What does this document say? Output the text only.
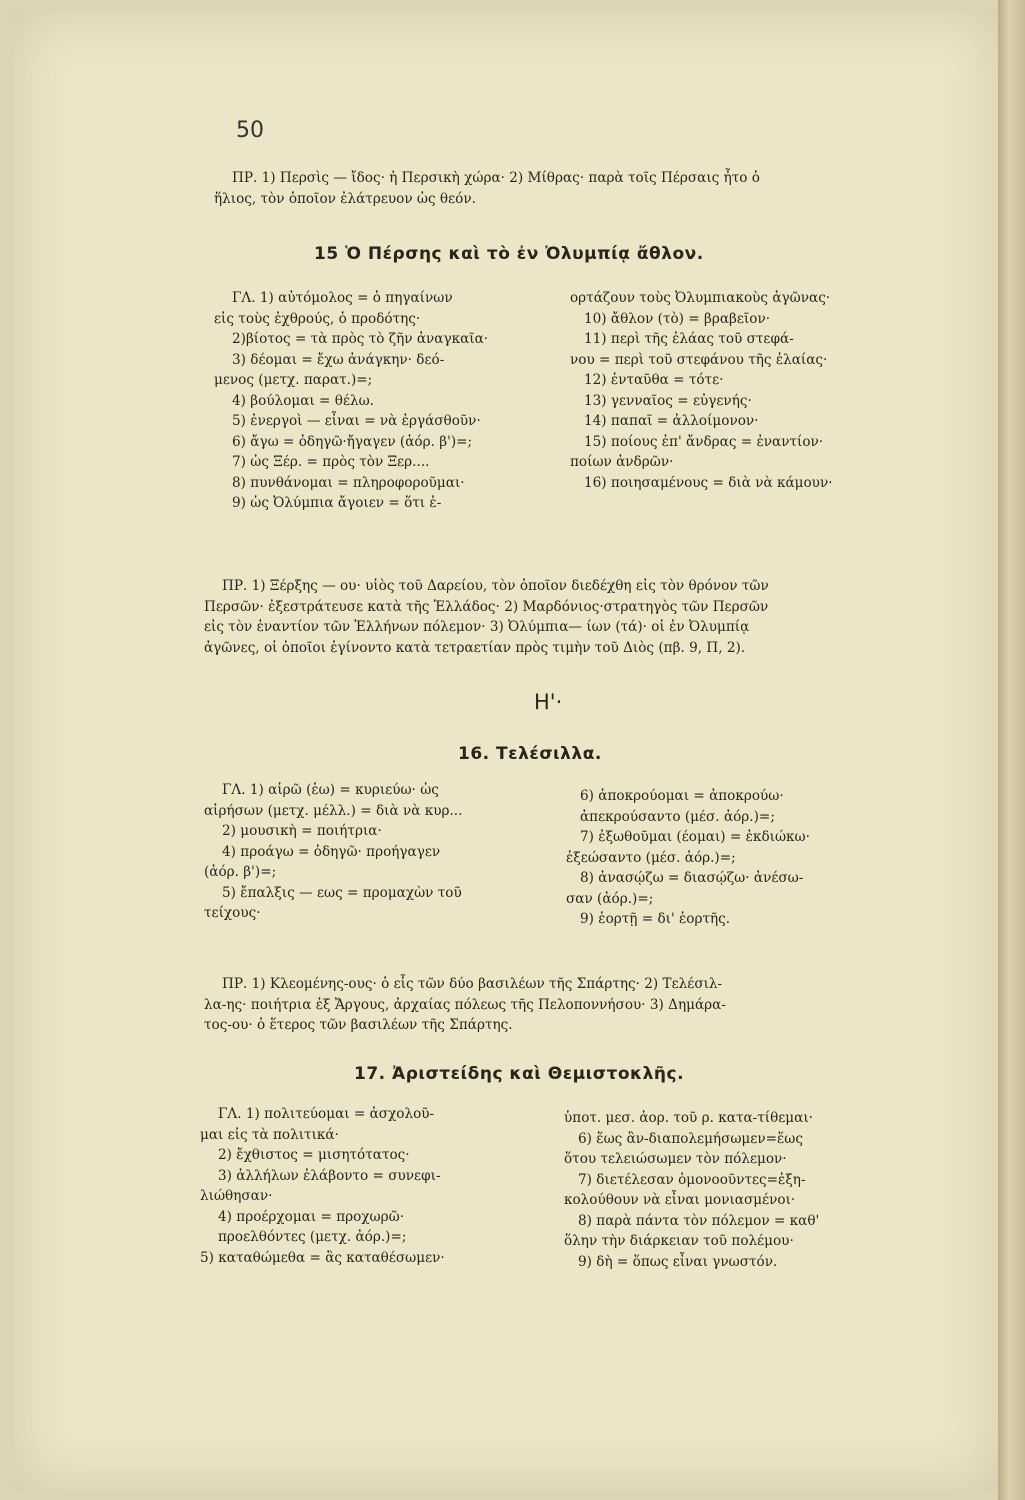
50

ΠΡ. 1) Περσὶς — ἴδος· ἡ Περσικὴ χώρα· 2) Μίθρας· παρὰ τοῖς Πέρσαις ἦτο ὁ

ἥλιος, τὸν ὁποῖον ἐλάτρευον ὡς θεόν.

15 Ὁ Πέρσης καὶ τὸ ἐν Ὀλυμπίᾳ ἄθλον.

ΓΛ. 1) αὐτόμολος = ὁ πηγαίνων

εἰς τοὺς ἐχθρούς, ὁ προδότης·

2)βίοτος = τὰ πρὸς τὸ ζῆν ἀναγκαῖα·

3) δέομαι = ἔχω ἀνάγκην· δεό-

μενος (μετχ. παρατ.)=;

4) βούλομαι = θέλω.

5) ἐνεργοὶ — εἶναι = νὰ ἐργάσθοῦν·

6) ἄγω = ὁδηγῶ·ἤγαγεν (ἀόρ. β')=;

7) ὡς Ξέρ. = πρὸς τὸν Ξερ....

8) πυνθάνομαι = πληροφοροῦμαι·

9) ὡς Ὀλύμπια ἄγοιεν = ὅτι ἑ-

ορτάζουν τοὺς Ὀλυμπιακοὺς ἀγῶνας·

10) ἄθλον (τὸ) = βραβεῖον·

11) περὶ τῆς ἐλάας τοῦ στεφά-

νου = περὶ τοῦ στεφάνου τῆς ἐλαίας·

12) ἐνταῦθα = τότε·

13) γενναῖος = εὐγενής·

14) παπαῖ = ἀλλοίμονον·

15) ποίους ἐπ' ἄνδρας = ἐναντίον·

ποίων ἀνδρῶν·

16) ποιησαμένους = διὰ νὰ κάμουν·

ΠΡ. 1) Ξέρξης — ου· υἱὸς τοῦ Δαρείου, τὸν ὁποῖον διεδέχθη εἰς τὸν θρόνον τῶν

Περσῶν· ἐξεστράτευσε κατὰ τῆς Ἑλλάδος· 2) Μαρδόνιος·στρατηγὸς τῶν Περσῶν

εἰς τὸν ἐναντίον τῶν Ἑλλήνων πόλεμον· 3) Ὀλύμπια— ίων (τά)· οἱ ἐν Ὀλυμπίᾳ

ἀγῶνες, οἱ ὁποῖοι ἐγίνοντο κατὰ τετραετίαν πρὸς τιμὴν τοῦ Διὸς (πβ. 9, Π, 2).

Η'·
16. Τελέσιλλα.

ΓΛ. 1) αἱρῶ (ἑω) = κυριεύω· ὡς

αἱρήσων (μετχ. μέλλ.) = διὰ νὰ κυρ...

2) μουσικὴ = ποιήτρια·

4) προάγω = ὁδηγῶ· προήγαγεν

(ἀόρ. β')=;

5) ἔπαλξις — εως = προμαχὼν τοῦ

τείχους·

6) ἀποκρούομαι = ἀποκρούω·

ἀπεκρούσαντο (μέσ. ἀόρ.)=;

7) ἐξωθοῦμαι (έομαι) = ἐκδιώκω·

ἐξεώσαντο (μέσ. ἀόρ.)=;

8) ἀνασῴζω = διασῴζω· ἀνέσω-

σαν (ἀόρ.)=;

9) ἑορτῇ = δι' ἑορτῆς.

ΠΡ. 1) Κλεομένης-ους· ὁ εἷς τῶν δύο βασιλέων τῆς Σπάρτης· 2) Τελέσιλ-

λα-ης· ποιήτρια ἐξ Ἄργους, ἀρχαίας πόλεως τῆς Πελοποννήσου· 3) Δημάρα-

τος-ου· ὁ ἕτερος τῶν βασιλέων τῆς Σπάρτης.

17. Ἀριστείδης καὶ Θεμιστοκλῆς.

ΓΛ. 1) πολιτεύομαι = ἀσχολοῦ-

μαι εἰς τὰ πολιτικά·

2) ἔχθιστος = μισητότατος·

3) ἀλλήλων ἐλάβοντο = συνεφι-

λιώθησαν·

4) προέρχομαι = προχωρῶ·

προελθόντες (μετχ. ἀόρ.)=;

5) καταθώμεθα = ἂς καταθέσωμεν·

ὑποτ. μεσ. ἀορ. τοῦ ρ. κατα-τίθεμαι·

6) ἕως ἂν-διαπολεμήσωμεν=ἕως

ὅτου τελειώσωμεν τὸν πόλεμον·

7) διετέλεσαν ὁμονοοῦντες=ἐξη-

κολούθουν νὰ εἶναι μονιασμένοι·

8) παρὰ πάντα τὸν πόλεμον = καθ'

ὅλην τὴν διάρκειαν τοῦ πολέμου·

9) δὴ = ὅπως εἶναι γνωστόν.
